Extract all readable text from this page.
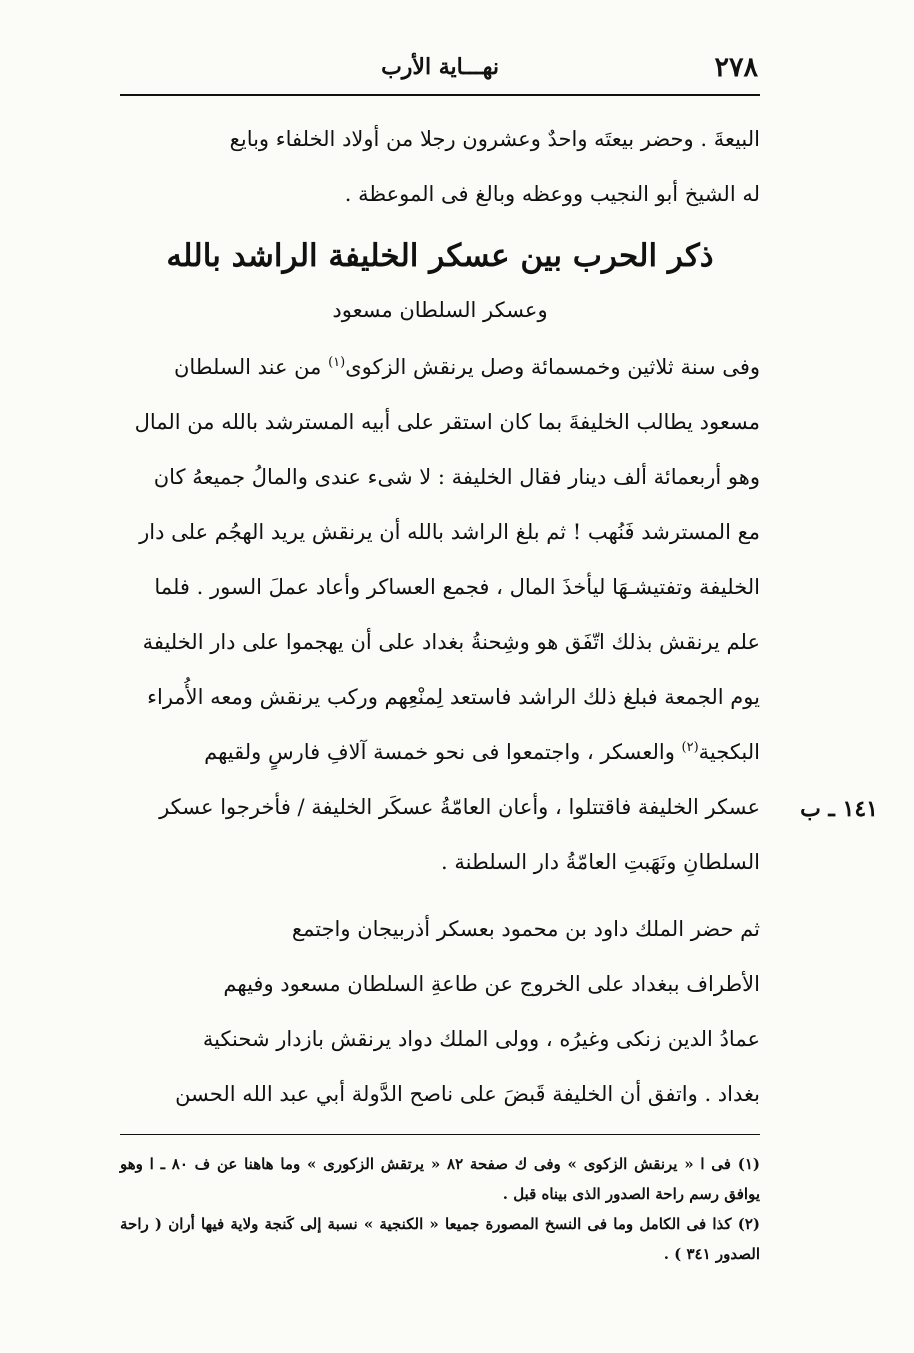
٢٧٨
نهـــاية الأرب
البيعةَ . وحضر بيعتَه واحدٌ وعشرون رجلا من أولاد الخلفاء وبايع
له الشيخ أبو النجيب ووعظه وبالغ فى الموعظة .
ذكر الحرب بين عسكر الخليفة الراشد بالله
وعسكر السلطان مسعود
وفى سنة ثلاثين وخمسمائة وصل يرنقش الزكوى$^{(١)}$ من عند السلطان
مسعود يطالب الخليفةَ بما كان استقر على أبيه المسترشد بالله من المال
وهو أربعمائة ألف دينار فقال الخليفة : لا شىء عندى والمالُ جميعهُ كان
مع المسترشد فَنُهب ! ثم بلغ الراشد بالله أن يرنقش يريد الهجُم على دار
الخليفة وتفتيشـهَا ليأخذَ المال ، فجمع العساكر وأعاد عملَ السور . فلما
علم يرنقش بذلك اتّفَق هو وشِحنةُ بغداد على أن يهجموا على دار الخليفة
يوم الجمعة فبلغ ذلك الراشد فاستعد لِمنْعِهم وركب يرنقش ومعه الأُمراء
البكجية$^{(٢)}$ والعسكر ، واجتمعوا فى نحو خمسة آلافِ فارسٍ ولقيهم
عسكر الخليفة فاقتتلوا ، وأعان العامّةُ عسكَر الخليفة / فأخرجوا عسكر
السلطانِ ونَهَبتِ العامّةُ دار السلطنة .
ثم حضر الملك داود بن محمود بعسكر أذربيجان واجتمع
الأطراف ببغداد على الخروج عن طاعةِ السلطان مسعود وفيهم
عمادُ الدين زنكى وغيرُه ، وولى الملك دواد يرنقش بازدار شحنكية
بغداد . واتفق أن الخليفة قَبضَ على ناصح الدَّولة أبي عبد الله الحسن

(١) فى ا « يرنقش الزكوى » وفى ك صفحة ٨٢ « يرتقش الزكورى » وما هاهنا عن ف ٨٠ ـ ا وهو يوافق رسم راحة الصدور الذى بيناه قبل .

(٢) كذا فى الكامل وما فى النسخ المصورة جميعا « الكنجية » نسبة إلى كَنجة ولاية فيها أران ( راحة الصدور ٣٤١ ) .

١٤١ ـ ب
